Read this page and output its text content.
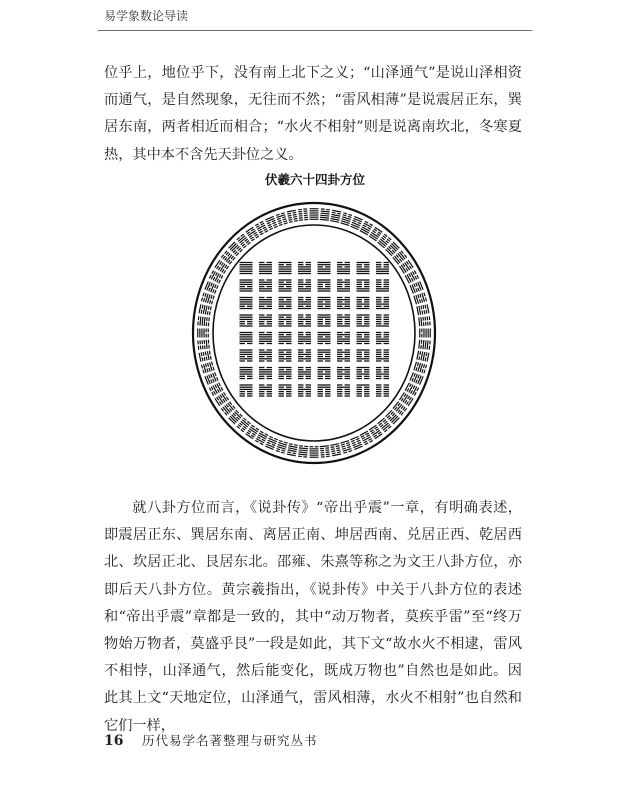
易学象数论导读

位乎上，地位乎下，没有南上北下之义；“山泽通气”是说山泽相资而通气，是自然现象，无往而不然；“雷风相薄”是说震居正东，巽居东南，两者相近而相合；“水火不相射”则是说离南坎北，冬寒夏热，其中本不含先天卦位之义。

伏羲六十四卦方位

就八卦方位而言，《说卦传》“帝出乎震”一章，有明确表述，即震居正东、巽居东南、离居正南、坤居西南、兑居正西、乾居西北、坎居正北、艮居东北。邵雍、朱熹等称之为文王八卦方位，亦即后天八卦方位。黄宗羲指出，《说卦传》中关于八卦方位的表述和“帝出乎震”章都是一致的，其中“动万物者，莫疾乎雷”至“终万物始万物者，莫盛乎艮”一段是如此，其下文“故水火不相逮，雷风不相悖，山泽通气，然后能变化，既成万物也”自然也是如此。因此其上文“天地定位，山泽通气，雷风相薄，水火不相射”也自然和它们一样，

16 历代易学名著整理与研究丛书
